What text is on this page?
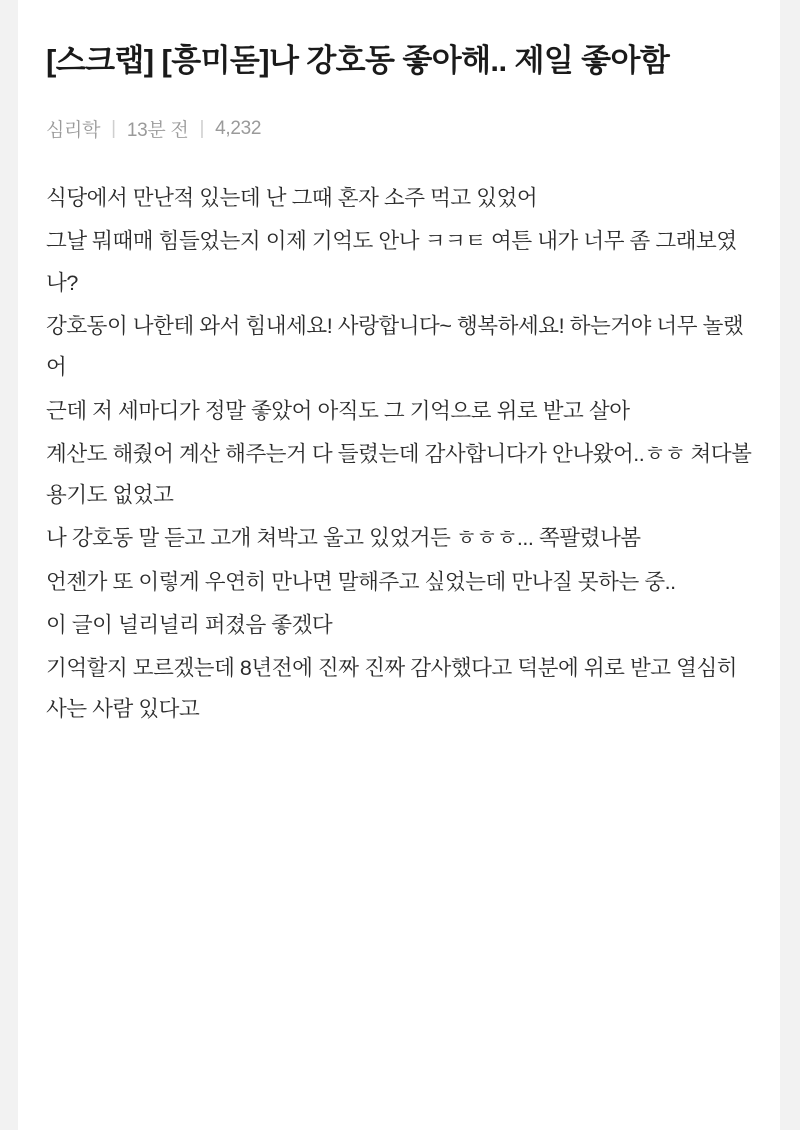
[스크랩] [흥미돋]나 강호동 좋아해.. 제일 좋아함
심리학 | 13분 전 | 4,232

식당에서 만난적 있는데 난 그때 혼자 소주 먹고 있었어

그날 뭐때매 힘들었는지 이제 기억도 안나 ㅋㅋㅌ 여튼 내가 너무 좀 그래보였나?

강호동이 나한테 와서 힘내세요! 사랑합니다~ 행복하세요! 하는거야 너무 놀랬어

근데 저 세마디가 정말 좋았어 아직도 그 기억으로 위로 받고 살아

계산도 해줬어 계산 해주는거 다 들렸는데 감사합니다가 안나왔어..ㅎㅎ 쳐다볼 용기도 없었고

나 강호동 말 듣고 고개 쳐박고 울고 있었거든 ㅎㅎㅎ... 쪽팔렸나봄

언젠가 또 이렇게 우연히 만나면 말해주고 싶었는데 만나질 못하는 중..

이 글이 널리널리 퍼졌음 좋겠다

기억할지 모르겠는데 8년전에 진짜 진짜 감사했다고 덕분에 위로 받고 열심히 사는 사람 있다고
